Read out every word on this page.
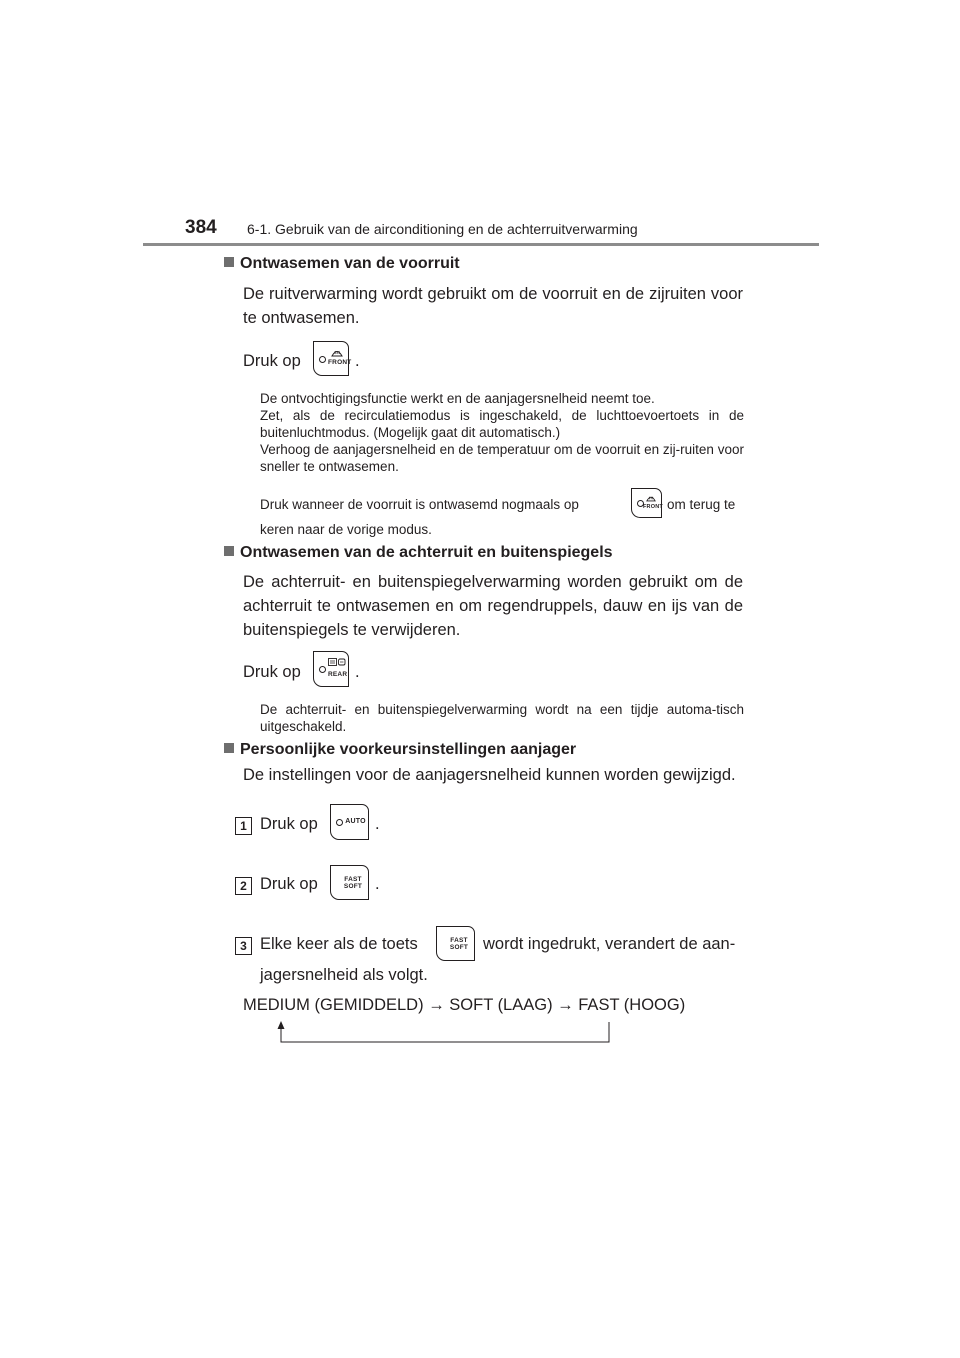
384 6-1. Gebruik van de airconditioning en de achterruitverwarming
Ontwasemen van de voorruit
De ruitverwarming wordt gebruikt om de voorruit en de zijruiten voor te ontwasemen.
Druk op	FRONT .

De ontvochtigingsfunctie werkt en de aanjagersnelheid neemt toe.

Zet, als de recirculatiemodus is ingeschakeld, de luchttoevoertoets in de buitenluchtmodus. (Mogelijk gaat dit automatisch.)

Verhoog de aanjagersnelheid en de temperatuur om de voorruit en zij-ruiten voor sneller te ontwasemen.

Druk wanneer de voorruit is ontwasemd nogmaals op	FRONT om terug te
keren naar de vorige modus.
Ontwasemen van de achterruit en buitenspiegels
De achterruit- en buitenspiegelverwarming worden gebruikt om de achterruit te ontwasemen en om regendruppels, dauw en ijs van de buitenspiegels te verwijderen.
Druk op	REAR .
De achterruit- en buitenspiegelverwarming wordt na een tijdje automa-tisch uitgeschakeld.
Persoonlijke voorkeursinstellingen aanjager
De instellingen voor de aanjagersnelheid kunnen worden gewijzigd.
1 Druk op	AUTO .
2 Druk op	FAST
SOFT .
3 Elke keer als de toets	FAST
SOFT wordt ingedrukt, verandert de aan-
jagersnelheid als volgt.
MEDIUM (GEMIDDELD) → SOFT (LAAG) → FAST (HOOG)
